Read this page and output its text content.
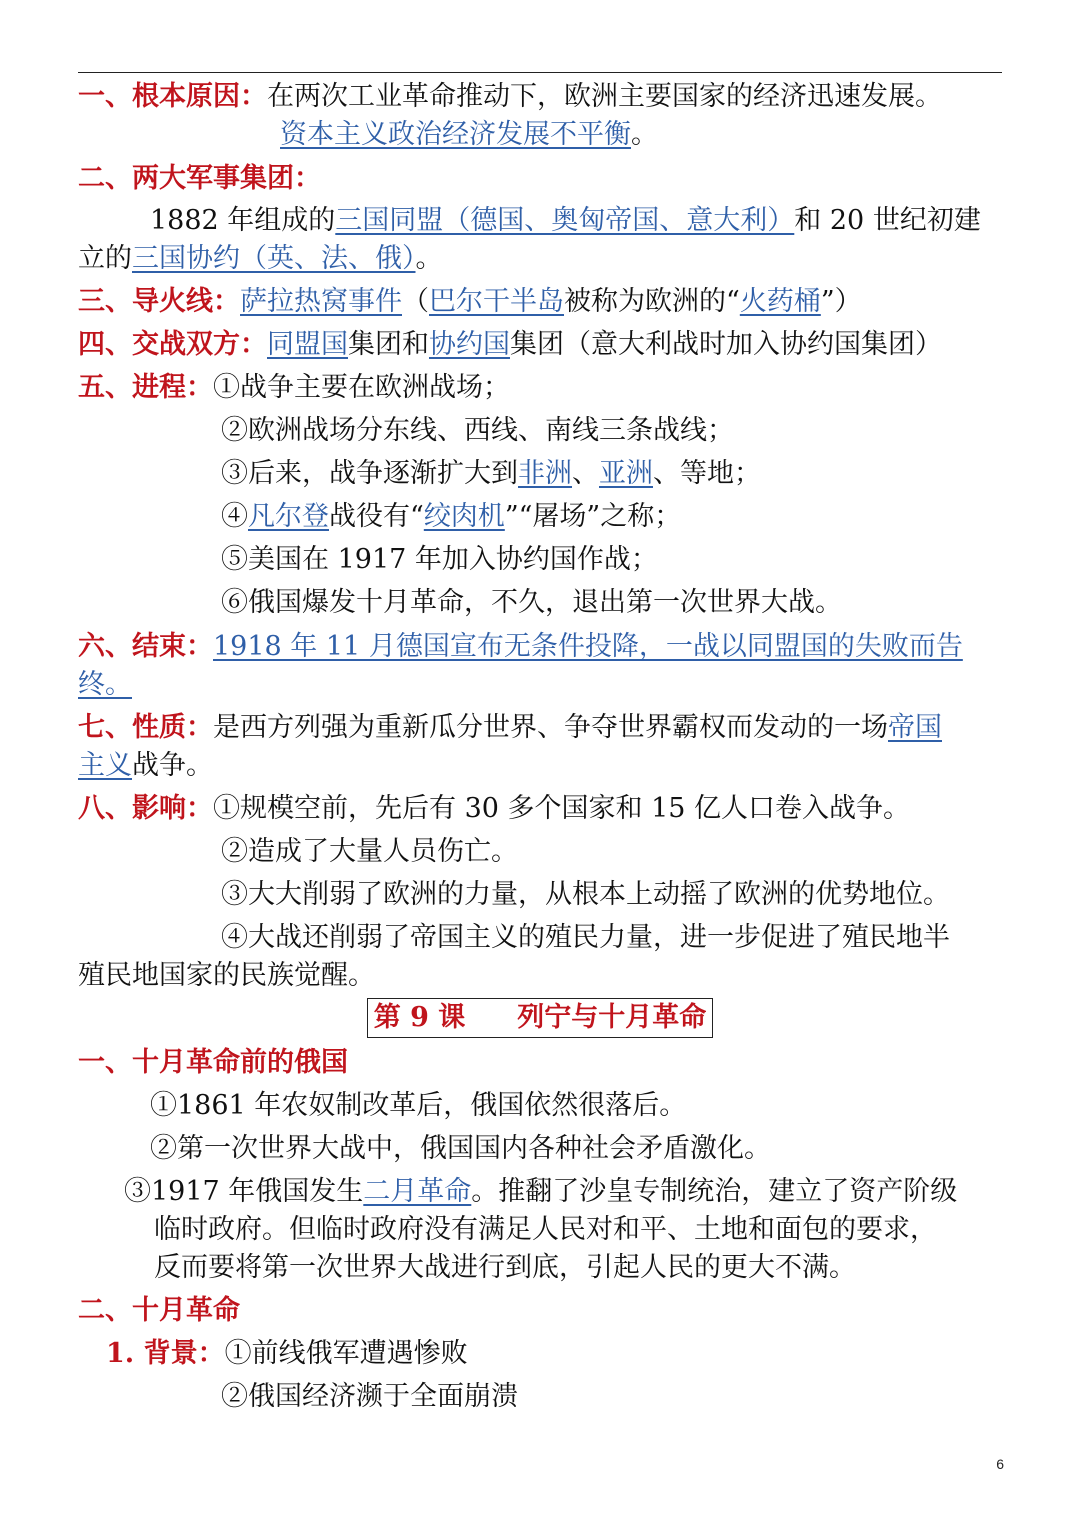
一、根本原因：在两次工业革命推动下，欧洲主要国家的经济迅速发展。
资本主义政治经济发展不平衡。
二、两大军事集团：
1882 年组成的三国同盟（德国、奥匈帝国、意大利）和 20 世纪初建
立的三国协约（英、法、俄）。
三、导火线：萨拉热窝事件（巴尔干半岛被称为欧洲的“火药桶”）
四、交战双方：同盟国集团和协约国集团（意大利战时加入协约国集团）
五、进程：①战争主要在欧洲战场；
②欧洲战场分东线、西线、南线三条战线；
③后来，战争逐渐扩大到非洲、亚洲、等地；
④凡尔登战役有“绞肉机”“屠场”之称；
⑤美国在 1917 年加入协约国作战；
⑥俄国爆发十月革命，不久，退出第一次世界大战。
六、结束：1918 年 11 月德国宣布无条件投降，一战以同盟国的失败而告
终。
七、性质：是西方列强为重新瓜分世界、争夺世界霸权而发动的一场帝国
主义战争。
八、影响：①规模空前，先后有 30 多个国家和 15 亿人口卷入战争。
②造成了大量人员伤亡。
③大大削弱了欧洲的力量，从根本上动摇了欧洲的优势地位。
④大战还削弱了帝国主义的殖民力量，进一步促进了殖民地半
殖民地国家的民族觉醒。
第 9 课 列宁与十月革命
一、十月革命前的俄国
①1861 年农奴制改革后，俄国依然很落后。
②第一次世界大战中，俄国国内各种社会矛盾激化。
③1917 年俄国发生二月革命。推翻了沙皇专制统治，建立了资产阶级
临时政府。但临时政府没有满足人民对和平、土地和面包的要求，
反而要将第一次世界大战进行到底，引起人民的更大不满。
二、十月革命
1. 背景：①前线俄军遭遇惨败
②俄国经济濒于全面崩溃
6
